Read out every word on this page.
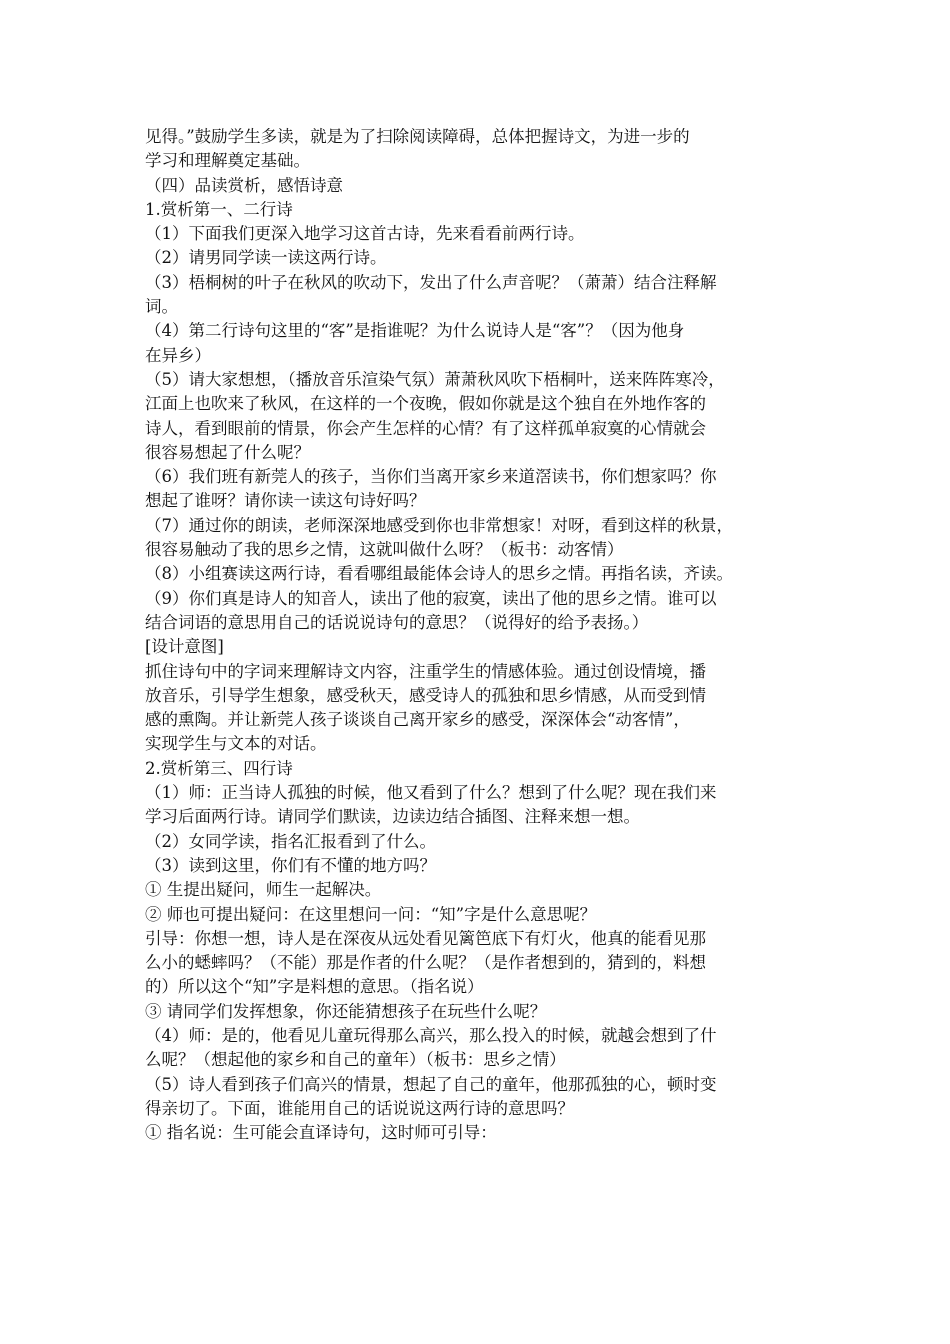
见得。”鼓励学生多读，就是为了扫除阅读障碍，总体把握诗文，为进一步的
学习和理解奠定基础。
（四）品读赏析，感悟诗意
1.赏析第一、二行诗
（1）下面我们更深入地学习这首古诗，先来看看前两行诗。
（2）请男同学读一读这两行诗。
（3）梧桐树的叶子在秋风的吹动下，发出了什么声音呢？（萧萧）结合注释解
词。
（4）第二行诗句这里的“客”是指谁呢？为什么说诗人是“客”？（因为他身
在异乡）
（5）请大家想想，（播放音乐渲染气氛）萧萧秋风吹下梧桐叶，送来阵阵寒冷，
江面上也吹来了秋风，在这样的一个夜晚，假如你就是这个独自在外地作客的
诗人，看到眼前的情景，你会产生怎样的心情？有了这样孤单寂寞的心情就会
很容易想起了什么呢？
（6）我们班有新莞人的孩子，当你们当离开家乡来道滘读书，你们想家吗？你
想起了谁呀？请你读一读这句诗好吗？
（7）通过你的朗读，老师深深地感受到你也非常想家！对呀，看到这样的秋景，
很容易触动了我的思乡之情，这就叫做什么呀？（板书：动客情）
（8）小组赛读这两行诗，看看哪组最能体会诗人的思乡之情。再指名读，齐读。
（9）你们真是诗人的知音人，读出了他的寂寞，读出了他的思乡之情。谁可以
结合词语的意思用自己的话说说诗句的意思？（说得好的给予表扬。）
[设计意图]
抓住诗句中的字词来理解诗文内容，注重学生的情感体验。通过创设情境，播
放音乐，引导学生想象，感受秋天，感受诗人的孤独和思乡情感，从而受到情
感的熏陶。并让新莞人孩子谈谈自己离开家乡的感受，深深体会“动客情”，
实现学生与文本的对话。
2.赏析第三、四行诗
（1）师：正当诗人孤独的时候，他又看到了什么？想到了什么呢？现在我们来
学习后面两行诗。请同学们默读，边读边结合插图、注释来想一想。
（2）女同学读，指名汇报看到了什么。
（3）读到这里，你们有不懂的地方吗？
① 生提出疑问，师生一起解决。
② 师也可提出疑问：在这里想问一问：“知”字是什么意思呢？
引导：你想一想，诗人是在深夜从远处看见篱笆底下有灯火，他真的能看见那
么小的蟋蟀吗？（不能）那是作者的什么呢？（是作者想到的，猜到的，料想
的）所以这个“知”字是料想的意思。（指名说）
③ 请同学们发挥想象，你还能猜想孩子在玩些什么呢？
（4）师：是的，他看见儿童玩得那么高兴，那么投入的时候，就越会想到了什
么呢？（想起他的家乡和自己的童年）（板书：思乡之情）
（5）诗人看到孩子们高兴的情景，想起了自己的童年，他那孤独的心，顿时变
得亲切了。下面，谁能用自己的话说说这两行诗的意思吗？
① 指名说：生可能会直译诗句，这时师可引导：
